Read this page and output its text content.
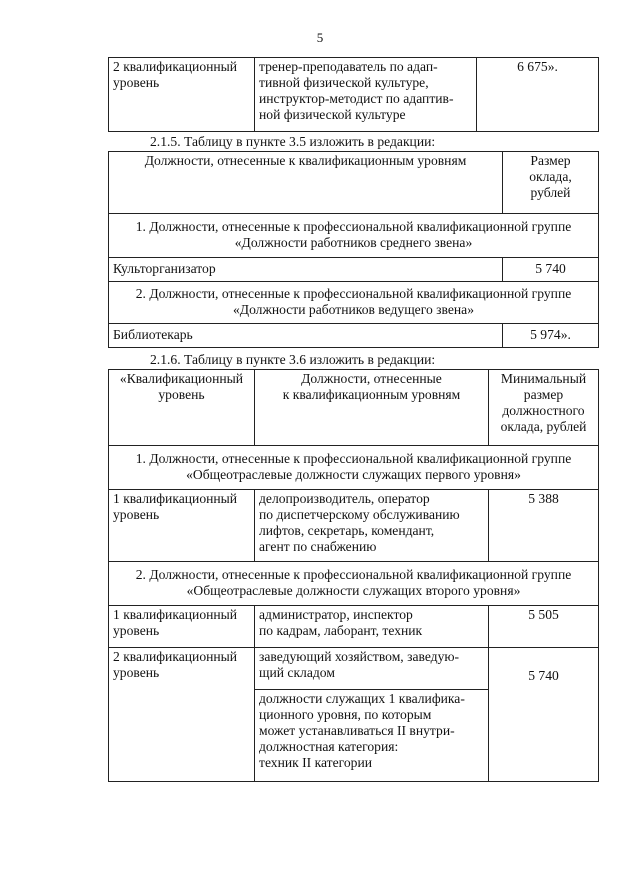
5
2 квалификационный
уровень	тренер-преподаватель по адап-
тивной физической культуре,
инструктор-методист по адаптив-
ной физической культуре	6 675».
2.1.5. Таблицу в пункте 3.5 изложить в редакции:
Должности, отнесенные к квалификационным уровням	Размер
оклада,
рублей
1. Должности, отнесенные к профессиональной квалификационной группе
«Должности работников среднего звена»	
Культорганизатор	5 740
2. Должности, отнесенные к профессиональной квалификационной группе
«Должности работников ведущего звена»	
Библиотекарь	5 974».
2.1.6. Таблицу в пункте 3.6 изложить в редакции:
«Квалификационный
уровень	Должности, отнесенные
к квалификационным уровням	Минимальный
размер
должностного
оклада, рублей
1. Должности, отнесенные к профессиональной квалификационной группе
«Общеотраслевые должности служащих первого уровня»		
1 квалификационный
уровень	делопроизводитель, оператор
по диспетчерскому обслуживанию
лифтов, секретарь, комендант,
агент по снабжению	5 388
2. Должности, отнесенные к профессиональной квалификационной группе
«Общеотраслевые должности служащих второго уровня»		
1 квалификационный
уровень	администратор, инспектор
по кадрам, лаборант, техник	5 505
2 квалификационный
уровень	заведующий хозяйством, заведую-
щий складом	5 740
	должности служащих 1 квалифика-
ционного уровня, по которым
может устанавливаться II внутри-
должностная категория:
техник II категории	
